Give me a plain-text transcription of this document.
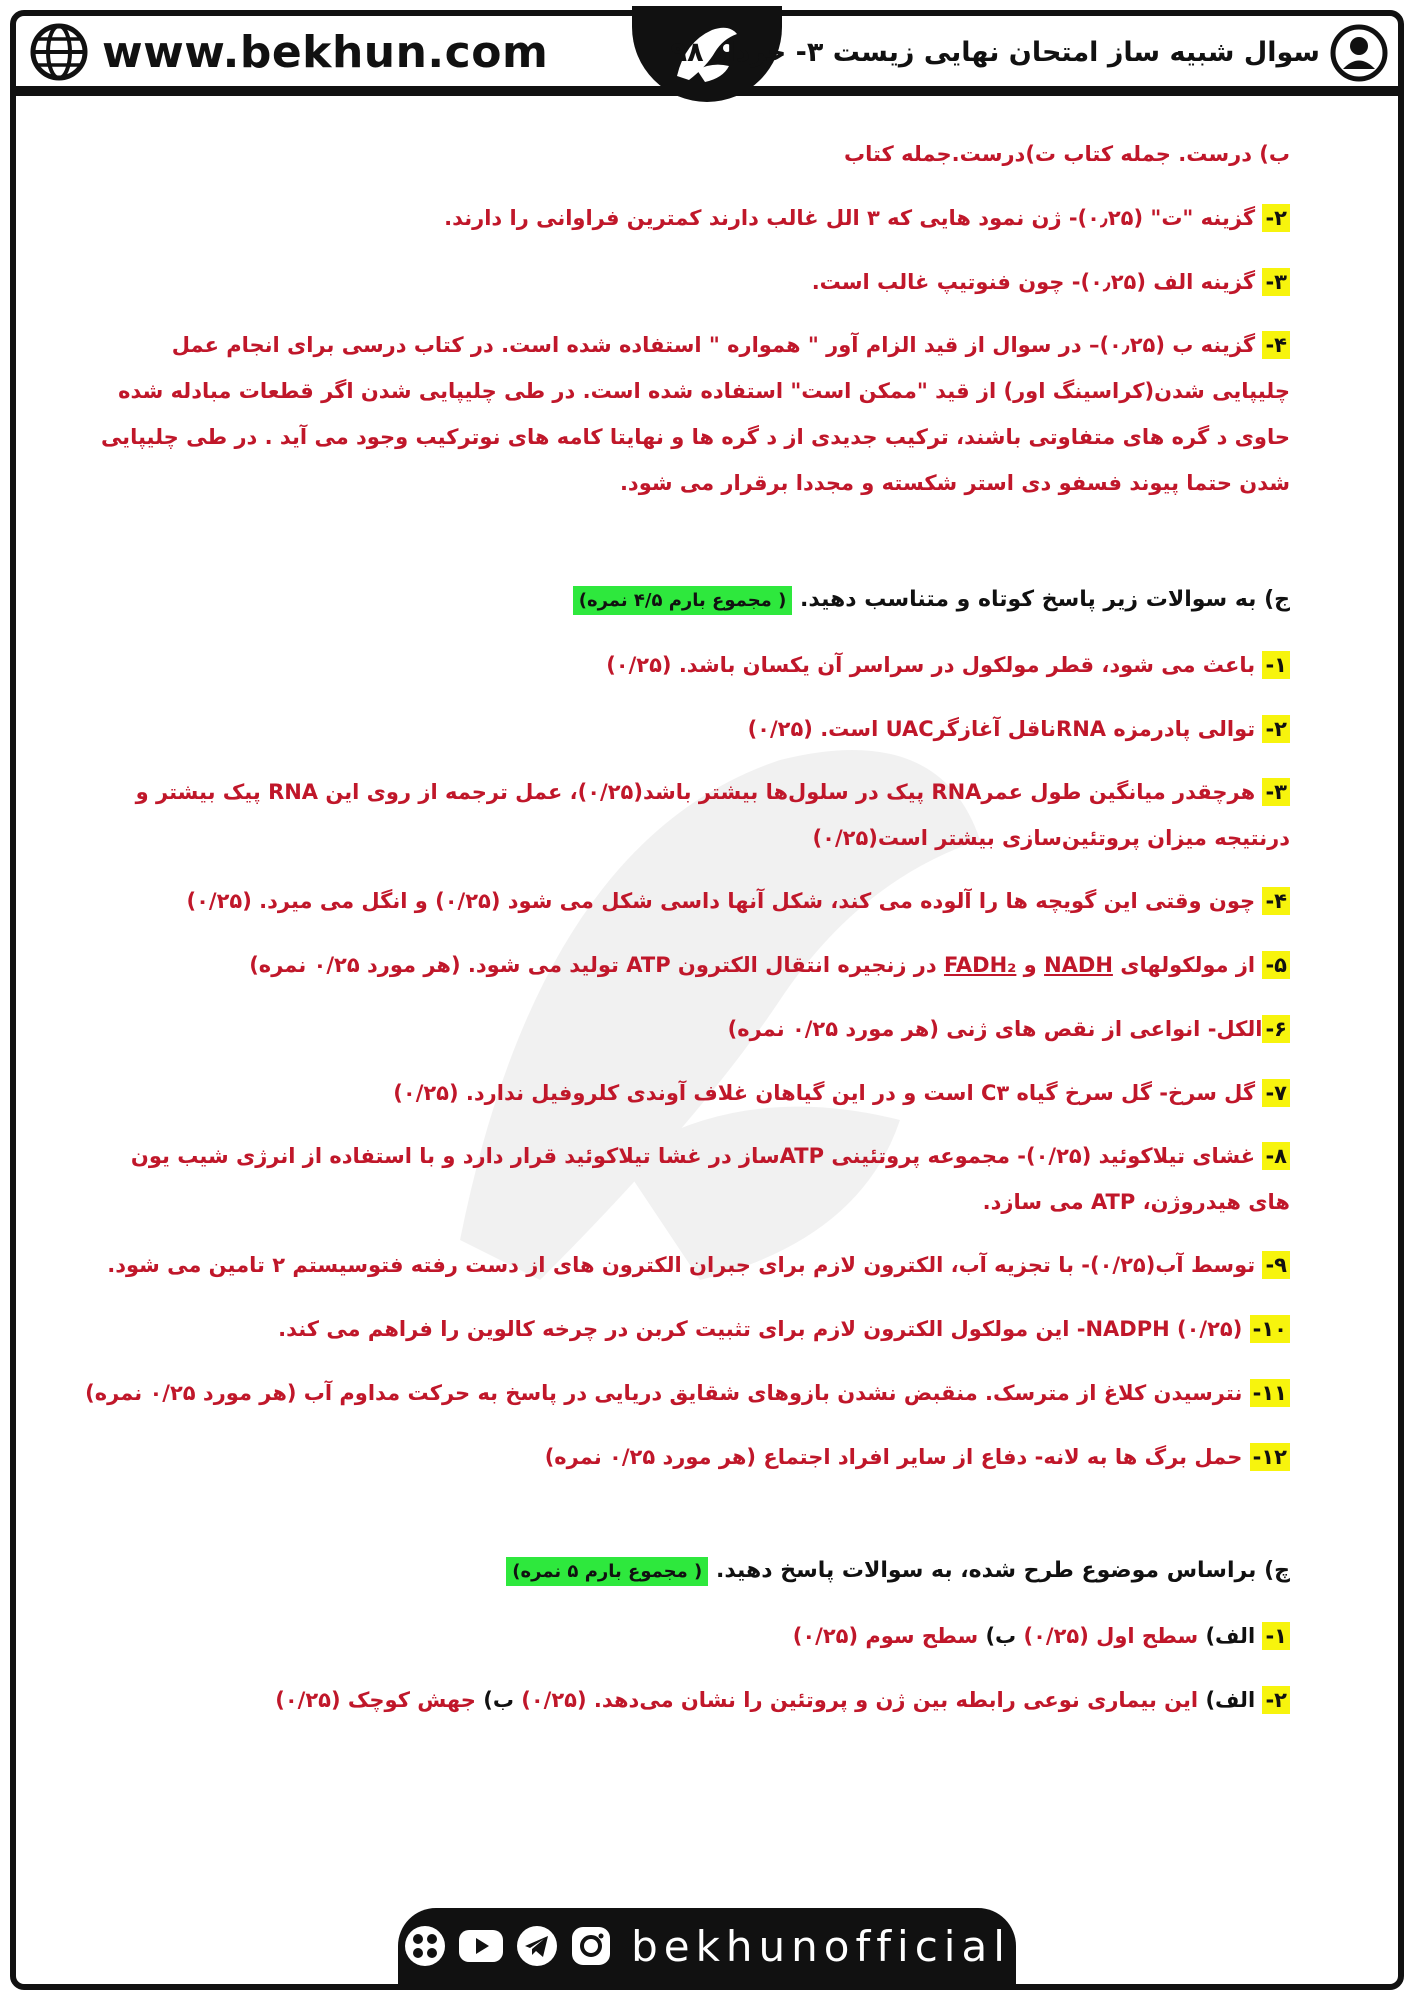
www.bekhun.com	سوال شبیه ساز امتحان نهایی زیست ۳- خرداد ۹۸
ب) درست. جمله کتاب ت)درست.جمله کتاب
۲- گزینه "ت" (۰٫۲۵)- ژن نمود هایی که ۳ الل غالب دارند کمترین فراوانی را دارند.
۳- گزینه الف (۰٫۲۵)- چون فنوتیپ غالب است.
۴- گزینه ب (۰٫۲۵)– در سوال از قید الزام آور " همواره " استفاده شده است. در کتاب درسی برای انجام عمل چلیپایی شدن(کراسینگ اور) از قید "ممکن است" استفاده شده است. در طی چلیپایی شدن اگر قطعات مبادله شده حاوی د گره های متفاوتی باشند، ترکیب جدیدی از د گره ها و نهایتا کامه های نوترکیب وجود می آید . در طی چلیپایی شدن حتما پیوند فسفو دی استر شکسته و مجددا برقرار می شود.
ج) به سوالات زیر پاسخ کوتاه و متناسب دهید. ( مجموع بارم ۴/۵ نمره)
۱- باعث می شود، قطر مولکول در سراسر آن یکسان باشد. (۰/۲۵)
۲- توالی پادرمزه RNAناقل آغازگرUAC است. (۰/۲۵)
۳- هرچقدر میانگین طول عمرRNA پیک در سلول‌ها بیشتر باشد(۰/۲۵)، عمل ترجمه از روی این RNA پیک بیشتر و درنتیجه میزان پروتئین‌سازی بیشتر است(۰/۲۵)
۴- چون وقتی این گویچه ها را آلوده می کند، شکل آنها داسی شکل می شود (۰/۲۵) و انگل می میرد. (۰/۲۵)
۵- از مولکولهای NADH و FADH₂ در زنجیره انتقال الکترون ATP تولید می شود. (هر مورد ۰/۲۵ نمره)
۶-الکل- انواعی از نقص های ژنی (هر مورد ۰/۲۵ نمره)
۷- گل سرخ- گل سرخ گیاه C۳ است و در این گیاهان غلاف آوندی کلروفیل ندارد. (۰/۲۵)
۸- غشای تیلاکوئید (۰/۲۵)- مجموعه پروتئینی ATPساز در غشا تیلاکوئید قرار دارد و با استفاده از انرژی شیب یون های هیدروژن، ATP می سازد.
۹- توسط آب(۰/۲۵)- با تجزیه آب، الکترون لازم برای جبران الکترون های از دست رفته فتوسیستم ۲ تامین می شود.
۱۰- NADPH (۰/۲۵)- این مولکول الکترون لازم برای تثبیت کربن در چرخه کالوین را فراهم می کند.
۱۱- نترسیدن کلاغ از مترسک. منقبض نشدن بازوهای شقایق دریایی در پاسخ به حرکت مداوم آب (هر مورد ۰/۲۵ نمره)
۱۲- حمل برگ ها به لانه- دفاع از سایر افراد اجتماع (هر مورد ۰/۲۵ نمره)
چ) براساس موضوع طرح شده، به سوالات پاسخ دهید. ( مجموع بارم ۵ نمره)
۱- الف) سطح اول (۰/۲۵) ب) سطح سوم (۰/۲۵)
۲- الف) این بیماری نوعی رابطه بین ژن و پروتئین را نشان می‌دهد. (۰/۲۵) ب) جهش کوچک (۰/۲۵)
bekhunofficial
